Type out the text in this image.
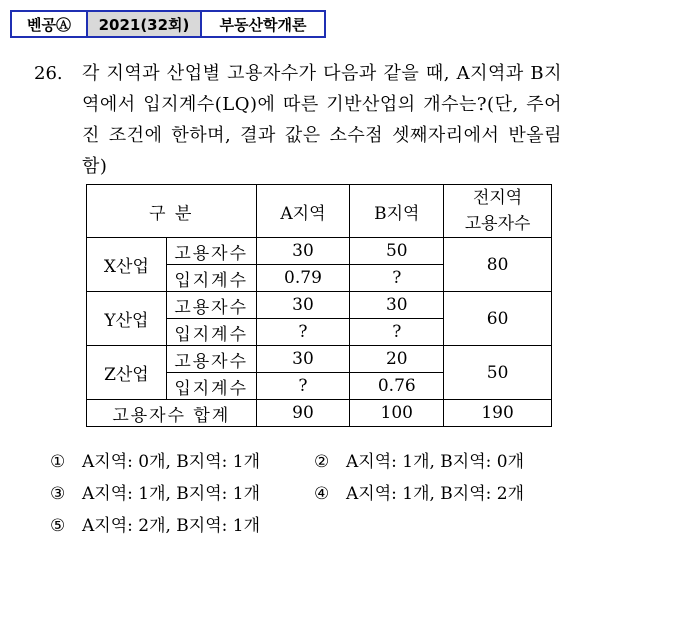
벤공Ⓐ	2021(32회)	부동산학개론
26. 각 지역과 산업별 고용자수가 다음과 같을 때, A지역과 B지역에서 입지계수(LQ)에 따른 기반산업의 개수는?(단, 주어진 조건에 한하며, 결과 값은 소수점 셋째자리에서 반올림함)
구 분		A지역	B지역	전지역
고용자수

X산업	고용자수	30	50	80
	입지계수	0.79	?	
Y산업	고용자수	30	30	60
	입지계수	?	?	
Z산업	고용자수	30	20	50
	입지계수	?	0.76	
고용자수 합계		90	100	190
① A지역: 0개, B지역: 1개	② A지역: 1개, B지역: 0개
③ A지역: 1개, B지역: 1개	④ A지역: 1개, B지역: 2개
⑤ A지역: 2개, B지역: 1개
